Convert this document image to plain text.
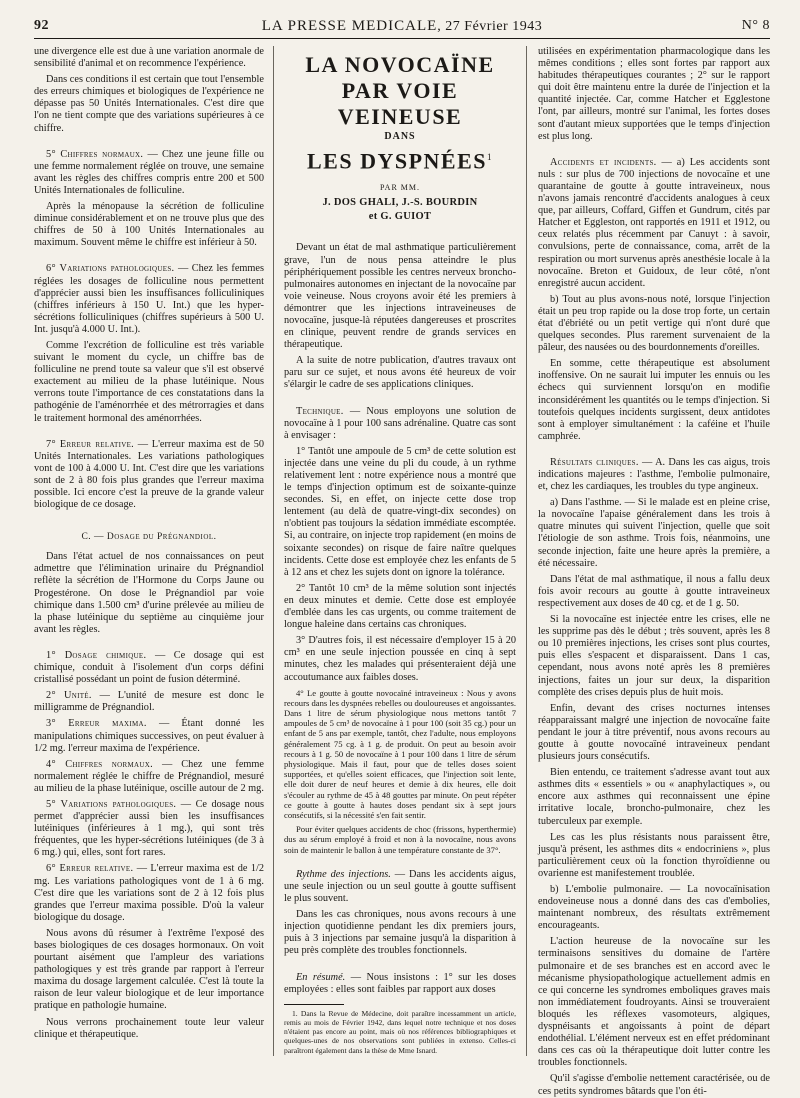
92	LA PRESSE MEDICALE, 27 Février 1943	N° 8

une divergence elle est due à une variation anormale de sensibilité d'animal et on recommence l'expérience.

Dans ces conditions il est certain que tout l'ensemble des erreurs chimiques et biologiques de l'expérience ne dépasse pas 50 Unités Internationales. C'est dire que l'on ne tient compte que des variations supérieures à ce chiffre.

5° Chiffres normaux. — Chez une jeune fille ou une femme normalement réglée on trouve, une semaine avant les règles des chiffres compris entre 200 et 500 Unités Internationales de folliculine.

Après la ménopause la sécrétion de folliculine diminue considérablement et on ne trouve plus que des chiffres de 50 à 100 Unités Internationales au maximum. Souvent même le chiffre est inférieur à 50.

6° Variations pathologiques. — Chez les femmes réglées les dosages de folliculine nous permettent d'apprécier aussi bien les insuffisances folliculiniques (chiffres inférieurs à 150 U. Int.) que les hyper-sécrétions folliculiniques (chiffres supérieurs à 500 U. Int. jusqu'à 4.000 U. Int.).

Comme l'excrétion de folliculine est très variable suivant le moment du cycle, un chiffre bas de folliculine ne prend toute sa valeur que s'il est observé exactement au milieu de la phase lutéinique. Nous verrons toute l'importance de ces constatations dans la pathogénie de l'aménorrhée et des métrorragies et dans le traitement hormonal des aménorrhées.

7° Erreur relative. — L'erreur maxima est de 50 Unités Internationales. Les variations pathologiques vont de 100 à 4.000 U. Int. C'est dire que les variations sont de 2 à 80 fois plus grandes que l'erreur maxima possible. Ici encore c'est la preuve de la grande valeur biologique de ce dosage.

C. — Dosage du Prégnandiol.

Dans l'état actuel de nos connaissances on peut admettre que l'élimination urinaire du Prégnandiol reflète la sécrétion de l'Hormone du Corps Jaune ou Progestérone. On dose le Prégnandiol par voie chimique dans 1.500 cm³ d'urine prélevée au milieu de la phase lutéinique du septième au cinquième jour avant les règles.

1° Dosage chimique. — Ce dosage qui est chimique, conduit à l'isolement d'un corps défini cristallisé possédant un point de fusion déterminé.

2° Unité. — L'unité de mesure est donc le milligramme de Prégnandiol.

3° Erreur maxima. — Étant donné les manipulations chimiques successives, on peut évaluer à 1/2 mg. l'erreur maxima de l'expérience.

4° Chiffres normaux. — Chez une femme normalement réglée le chiffre de Prégnandiol, mesuré au milieu de la phase lutéinique, oscille autour de 2 mg.

5° Variations pathologiques. — Ce dosage nous permet d'apprécier aussi bien les insuffisances lutéiniques (inférieures à 1 mg.), qui sont très fréquentes, que les hyper-sécrétions lutéiniques (de 3 à 6 mg.) qui, elles, sont fort rares.

6° Erreur relative. — L'erreur maxima est de 1/2 mg. Les variations pathologiques vont de 1 à 6 mg. C'est dire que les variations sont de 2 à 12 fois plus grandes que l'erreur maxima possible. D'où la valeur biologique du dosage.

Nous avons dû résumer à l'extrême l'exposé des bases biologiques de ces dosages hormonaux. On voit pourtant aisément que l'ampleur des variations pathologiques y est très grande par rapport à l'erreur maxima du dosage largement calculée. C'est là toute la raison de leur valeur biologique et de leur importance pratique en pathologie humaine.

Nous verrons prochainement toute leur valeur clinique et thérapeutique.

LA NOVOCAÏNE
PAR VOIE VEINEUSE
DANS
LES DYSPNÉES$^1$
PAR MM.
J. DOS GHALI, J.-S. BOURDIN
et G. GUIOT

Devant un état de mal asthmatique particulièrement grave, l'un de nous pensa atteindre le plus périphériquement possible les centres nerveux broncho-pulmonaires autonomes en injectant de la novocaïne par voie veineuse. Nous croyons avoir été les premiers à démontrer que les injections intraveineuses de novocaïne, jusque-là réputées dangereuses et proscrites en clinique, peuvent rendre de grands services en thérapeutique.

A la suite de notre publication, d'autres travaux ont paru sur ce sujet, et nous avons été heureux de voir s'élargir le cadre de ses applications cliniques.

Technique. — Nous employons une solution de novocaïne à 1 pour 100 sans adrénaline. Quatre cas sont à envisager :

1° Tantôt une ampoule de 5 cm³ de cette solution est injectée dans une veine du pli du coude, à un rythme relativement lent : notre expérience nous a montré que le temps d'injection optimum est de soixante-quinze secondes. Si, en effet, on injecte cette dose trop lentement (au delà de quatre-vingt-dix secondes) on n'obtient pas toujours la sédation immédiate escomptée. Si, au contraire, on injecte trop rapidement (en moins de soixante secondes) on risque de faire naître quelques incidents. Cette dose est employée chez les enfants de 5 à 12 ans et chez les sujets dont on ignore la tolérance.

2° Tantôt 10 cm³ de la même solution sont injectés en deux minutes et demie. Cette dose est employée d'emblée dans les cas urgents, ou comme traitement de longue haleine dans certains cas chroniques.

3° D'autres fois, il est nécessaire d'employer 15 à 20 cm³ en une seule injection poussée en cinq à sept minutes, chez les malades qui présenteraient déjà une accoutumance aux faibles doses.

4° Le goutte à goutte novocaïné intraveineux : Nous y avons recours dans les dyspnées rebelles ou douloureuses et angoissantes. Dans 1 litre de sérum physiologique nous mettons tantôt 7 ampoules de 5 cm³ de novocaïne à 1 pour 100 (soit 35 cg.) pour un enfant de 5 ans par exemple, tantôt, chez l'adulte, nous employons généralement 75 cg. à 1 g. de produit. On peut au besoin avoir recours à 1 g. 50 de novocaïne à 1 pour 100 dans 1 litre de sérum physiologique. Mais il faut, pour que de telles doses soient supportées, et qu'elles soient efficaces, que l'injection soit lente, elle doit durer de neuf heures et demie à dix heures, elle doit s'écouler au rythme de 45 à 48 gouttes par minute. On peut répéter ce goutte à goutte à hautes doses pendant six à sept jours consécutifs, si la nécessité s'en fait sentir.

Pour éviter quelques accidents de choc (frissons, hyperthermie) dus au sérum employé à froid et non à la novocaïne, nous avons soin de maintenir le ballon à une température constante de 37°.

Rythme des injections. — Dans les accidents aigus, une seule injection ou un seul goutte à goutte suffisent le plus souvent.

Dans les cas chroniques, nous avons recours à une injection quotidienne pendant les dix premiers jours, puis à 3 injections par semaine jusqu'à la disparition à peu près complète des troubles fonctionnels.

En résumé. — Nous insistons : 1° sur les doses employées : elles sont faibles par rapport aux doses

1. Dans la Revue de Médecine, doit paraître incessamment un article, remis au mois de Février 1942, dans lequel notre technique et nos doses n'étaient pas encore au point, mais où nos références bibliographiques et quelques-unes de nos observations sont publiées in extenso. Celles-ci paraîtront également dans la thèse de Mme Isnard.

utilisées en expérimentation pharmacologique dans les mêmes conditions ; elles sont fortes par rapport aux habitudes thérapeutiques courantes ; 2° sur le rapport qui doit être maintenu entre la durée de l'injection et la quantité injectée. Car, comme Hatcher et Egglestone l'ont, par ailleurs, montré sur l'animal, les fortes doses sont d'autant mieux supportées que le temps d'injection est plus long.

Accidents et incidents. — a) Les accidents sont nuls : sur plus de 700 injections de novocaïne et une quarantaine de goutte à goutte intraveineux, nous n'avons jamais rencontré d'accidents analogues à ceux que, par ailleurs, Coffard, Giffen et Gundrum, cités par Hatcher et Eggleston, ont rapportés en 1911 et 1912, ou ceux relatés plus récemment par Canuyt : à savoir, convulsions, perte de connaissance, coma, arrêt de la respiration ou mort survenus après anesthésie locale à la novocaïne. Breton et Guidoux, de leur côté, n'ont enregistré aucun accident.

b) Tout au plus avons-nous noté, lorsque l'injection était un peu trop rapide ou la dose trop forte, un certain état d'ébriété ou un petit vertige qui n'ont duré que quelques secondes. Plus rarement survenaient de la pâleur, des nausées ou des bourdonnements d'oreilles.

En somme, cette thérapeutique est absolument inoffensive. On ne saurait lui imputer les ennuis ou les échecs qui surviennent lorsqu'on en modifie inconsidérément les quantités ou le temps d'injection. Si toutefois quelques incidents surgissent, deux antidotes sont à employer simultanément : la caféine et l'huile camphrée.

Résultats cliniques. — A. Dans les cas aigus, trois indications majeures : l'asthme, l'embolie pulmonaire, et, chez les cardiaques, les troubles du type angineux.

a) Dans l'asthme. — Si le malade est en pleine crise, la novocaïne l'apaise généralement dans les trois à quatre minutes qui suivent l'injection, quelle que soit l'étiologie de son asthme. Trois fois, néanmoins, une seconde injection, faite une heure après la première, a été nécessaire.

Dans l'état de mal asthmatique, il nous a fallu deux fois avoir recours au goutte à goutte intraveineux respectivement aux doses de 40 cg. et de 1 g. 50.

Si la novocaïne est injectée entre les crises, elle ne les supprime pas dès le début ; très souvent, après les 8 ou 10 premières injections, les crises sont plus courtes, puis elles s'espacent et disparaissent. Dans 1 cas, cependant, nous avons noté après les 8 premières injections, faites un jour sur deux, la disparition complète des crises depuis plus de huit mois.

Enfin, devant des crises nocturnes intenses réapparaissant malgré une injection de novocaïne faite pendant le jour à titre préventif, nous avons recours au goutte à goutte novocaïné intraveineux pendant plusieurs jours consécutifs.

Bien entendu, ce traitement s'adresse avant tout aux asthmes dits « essentiels » ou « anaphylactiques », ou encore aux asthmes qui reconnaissent une épine irritative locale, broncho-pulmonaire, chez les tuberculeux par exemple.

Les cas les plus résistants nous paraissent être, jusqu'à présent, les asthmes dits « endocriniens », plus particulièrement ceux où la fonction thyroïdienne ou ovarienne est manifestement troublée.

b) L'embolie pulmonaire. — La novocaïnisation endoveineuse nous a donné dans des cas d'embolies, maintenant nombreux, des résultats extrêmement encourageants.

L'action heureuse de la novocaïne sur les terminaisons sensitives du domaine de l'artère pulmonaire et de ses branches est en accord avec le mécanisme physiopathologique actuellement admis en ce qui concerne les syndromes emboliques graves mais non immédiatement foudroyants. Ainsi se trouveraient bloqués les réflexes vasomoteurs, algiques, dyspnéisants et angoissants à point de départ endothélial. L'élément nerveux est en effet prédominant dans ces cas où la thérapeutique doit lutter contre les troubles fonctionnels.

Qu'il s'agisse d'embolie nettement caractérisée, ou de ces petits syndromes bâtards que l'on éti-
